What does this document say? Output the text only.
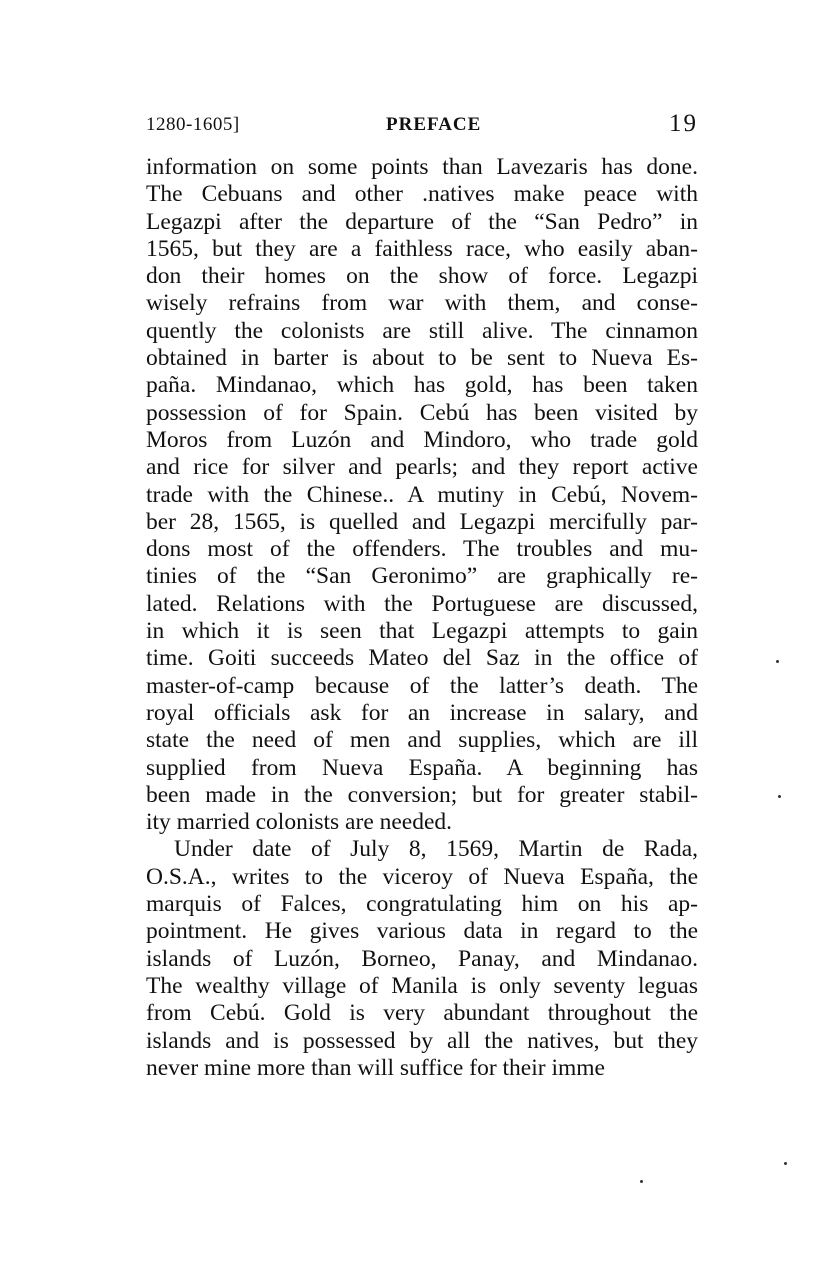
1280-1605]	PREFACE	19
information on some points than Lavezaris has done.
The Cebuans and other .natives make peace with
Legazpi after the departure of the “San Pedro” in
1565, but they are a faithless race, who easily aban-
don their homes on the show of force. Legazpi
wisely refrains from war with them, and conse-
quently the colonists are still alive. The cinnamon
obtained in barter is about to be sent to Nueva Es-
paña. Mindanao, which has gold, has been taken
possession of for Spain. Cebú has been visited by
Moros from Luzón and Mindoro, who trade gold
and rice for silver and pearls; and they report active
trade with the Chinese.. A mutiny in Cebú, Novem-
ber 28, 1565, is quelled and Legazpi mercifully par-
dons most of the offenders. The troubles and mu-
tinies of the “San Geronimo” are graphically re-
lated. Relations with the Portuguese are discussed,
in which it is seen that Legazpi attempts to gain
time. Goiti succeeds Mateo del Saz in the office of
master-of-camp because of the latter’s death. The
royal officials ask for an increase in salary, and
state the need of men and supplies, which are ill
supplied from Nueva España. A beginning has
been made in the conversion; but for greater stabil-
ity married colonists are needed.
Under date of July 8, 1569, Martin de Rada,
O.S.A., writes to the viceroy of Nueva España, the
marquis of Falces, congratulating him on his ap-
pointment. He gives various data in regard to the
islands of Luzón, Borneo, Panay, and Mindanao.
The wealthy village of Manila is only seventy leguas
from Cebú. Gold is very abundant throughout the
islands and is possessed by all the natives, but they
never mine more than will suffice for their imme
